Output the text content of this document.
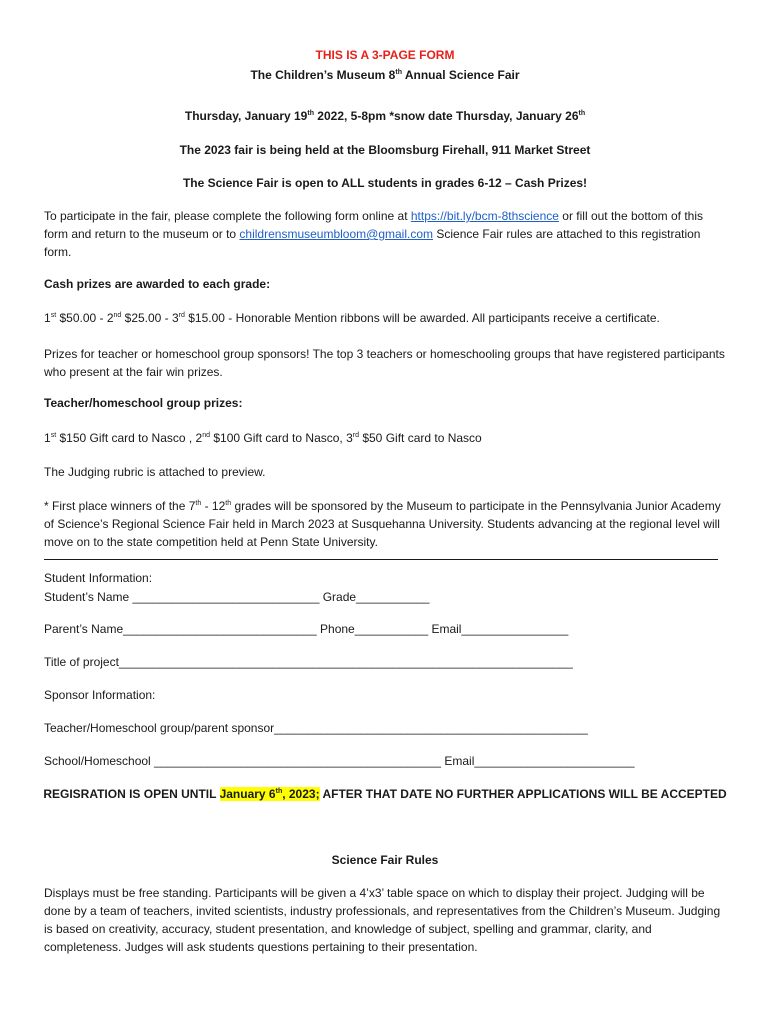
THIS IS A 3-PAGE FORM
The Children’s Museum 8th Annual Science Fair
Thursday, January 19th 2022, 5-8pm *snow date Thursday, January 26th
The 2023 fair is being held at the Bloomsburg Firehall, 911 Market Street
The Science Fair is open to ALL students in grades 6-12 – Cash Prizes!
To participate in the fair, please complete the following form online at https://bit.ly/bcm-8thscience or fill out the bottom of this form and return to the museum or to childrensmuseumbloom@gmail.com Science Fair rules are attached to this registration form.
Cash prizes are awarded to each grade:
1st $50.00 - 2nd $25.00 - 3rd $15.00 - Honorable Mention ribbons will be awarded. All participants receive a certificate.
Prizes for teacher or homeschool group sponsors! The top 3 teachers or homeschooling groups that have registered participants who present at the fair win prizes.
Teacher/homeschool group prizes:
1st $150 Gift card to Nasco , 2nd $100 Gift card to Nasco, 3rd $50 Gift card to Nasco
The Judging rubric is attached to preview.
* First place winners of the 7th - 12th grades will be sponsored by the Museum to participate in the Pennsylvania Junior Academy of Science’s Regional Science Fair held in March 2023 at Susquehanna University. Students advancing at the regional level will move on to the state competition held at Penn State University.
Student Information:
Student’s Name ____________________________ Grade___________
Parent’s Name_____________________________ Phone___________ Email________________
Title of project____________________________________________________________________
Sponsor Information:
Teacher/Homeschool group/parent sponsor_______________________________________________
School/Homeschool ___________________________________________ Email________________________
REGISRATION IS OPEN UNTIL January 6th, 2023; AFTER THAT DATE NO FURTHER APPLICATIONS WILL BE ACCEPTED
Science Fair Rules
Displays must be free standing. Participants will be given a 4’x3’ table space on which to display their project. Judging will be done by a team of teachers, invited scientists, industry professionals, and representatives from the Children’s Museum. Judging is based on creativity, accuracy, student presentation, and knowledge of subject, spelling and grammar, clarity, and completeness. Judges will ask students questions pertaining to their presentation.
